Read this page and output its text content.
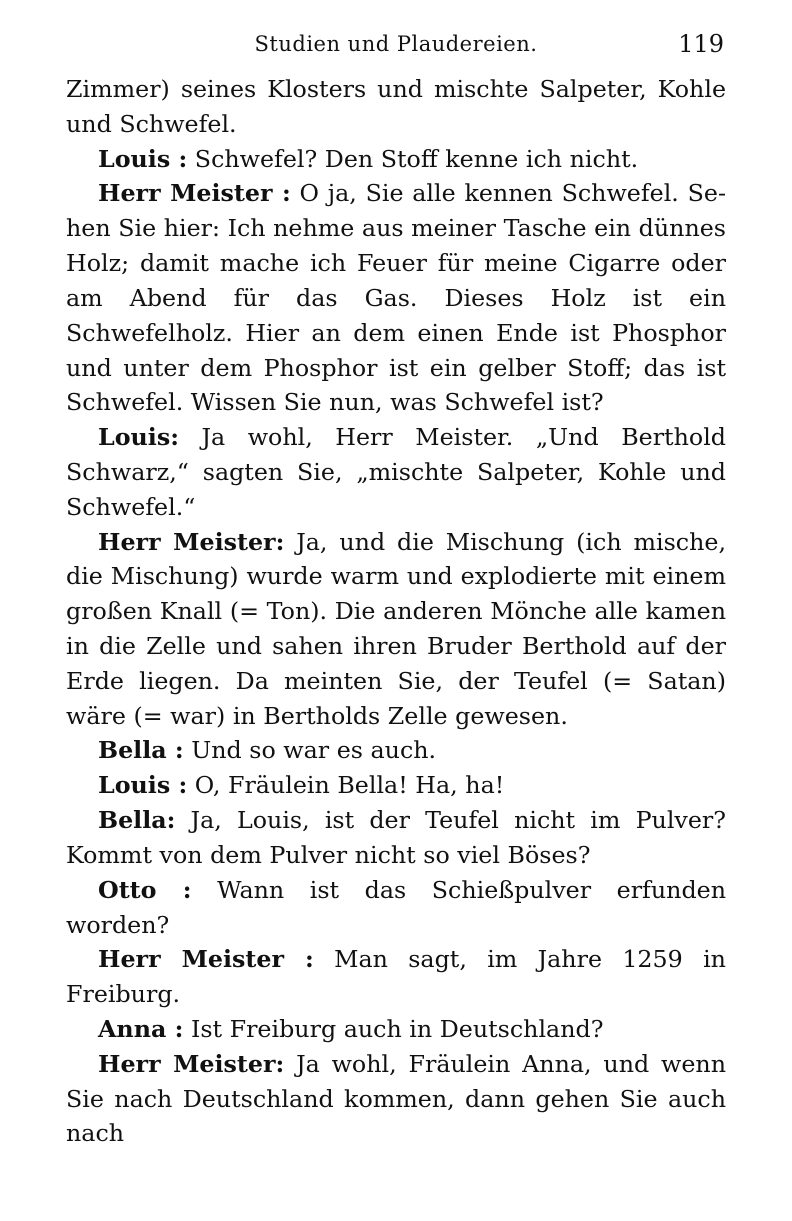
Studien und Plaudereien.	119

Zimmer) seines Klosters und mischte Salpeter, Kohle und Schwefel.

Louis : Schwefel? Den Stoff kenne ich nicht.

Herr Meister : O ja, Sie alle kennen Schwefel. Sehen Sie hier: Ich nehme aus meiner Tasche ein dünnes Holz; damit mache ich Feuer für meine Cigarre oder am Abend für das Gas. Dieses Holz ist ein Schwefelholz. Hier an dem einen Ende ist Phosphor und unter dem Phosphor ist ein gelber Stoff; das ist Schwefel. Wissen Sie nun, was Schwefel ist?

Louis: Ja wohl, Herr Meister. „Und Berthold Schwarz,“ sagten Sie, „mischte Salpeter, Kohle und Schwefel.“

Herr Meister: Ja, und die Mischung (ich mische, die Mischung) wurde warm und explodierte mit einem großen Knall (= Ton). Die anderen Mönche alle kamen in die Zelle und sahen ihren Bruder Berthold auf der Erde liegen. Da meinten Sie, der Teufel (= Satan) wäre (= war) in Bertholds Zelle gewesen.

Bella : Und so war es auch.

Louis : O, Fräulein Bella! Ha, ha!

Bella: Ja, Louis, ist der Teufel nicht im Pulver? Kommt von dem Pulver nicht so viel Böses?

Otto : Wann ist das Schießpulver erfunden worden?

Herr Meister : Man sagt, im Jahre 1259 in Freiburg.

Anna : Ist Freiburg auch in Deutschland?

Herr Meister: Ja wohl, Fräulein Anna, und wenn Sie nach Deutschland kommen, dann gehen Sie auch nach
